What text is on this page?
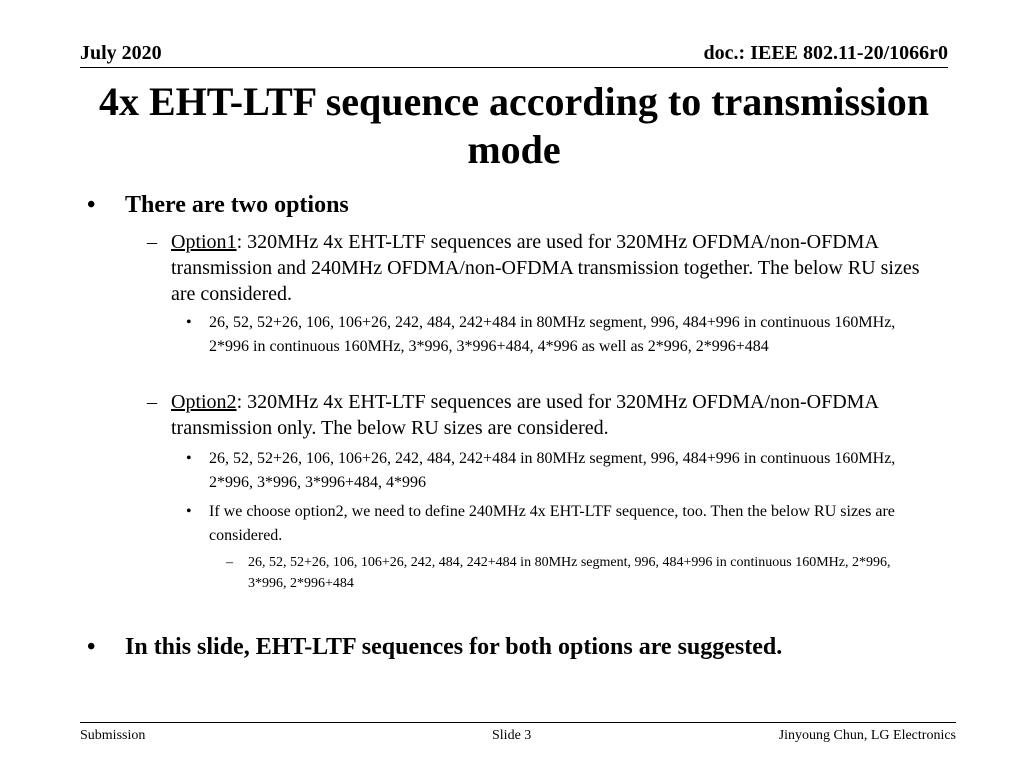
July 2020	doc.: IEEE 802.11-20/1066r0
4x EHT-LTF sequence according to transmission mode
• There are two options
– Option1: 320MHz 4x EHT-LTF sequences are used for 320MHz OFDMA/non-OFDMA transmission and 240MHz OFDMA/non-OFDMA transmission together. The below RU sizes are considered.
• 26, 52, 52+26, 106, 106+26, 242, 484, 242+484 in 80MHz segment, 996, 484+996 in continuous 160MHz, 2*996 in continuous 160MHz, 3*996, 3*996+484, 4*996 as well as 2*996, 2*996+484
– Option2: 320MHz 4x EHT-LTF sequences are used for 320MHz OFDMA/non-OFDMA transmission only. The below RU sizes are considered.
• 26, 52, 52+26, 106, 106+26, 242, 484, 242+484 in 80MHz segment, 996, 484+996 in continuous 160MHz, 2*996, 3*996, 3*996+484, 4*996
• If we choose option2, we need to define 240MHz 4x EHT-LTF sequence, too. Then the below RU sizes are considered.
– 26, 52, 52+26, 106, 106+26, 242, 484, 242+484 in 80MHz segment, 996, 484+996 in continuous 160MHz, 2*996, 3*996, 2*996+484
• In this slide, EHT-LTF sequences for both options are suggested.
Submission	Slide 3	Jinyoung Chun, LG Electronics
